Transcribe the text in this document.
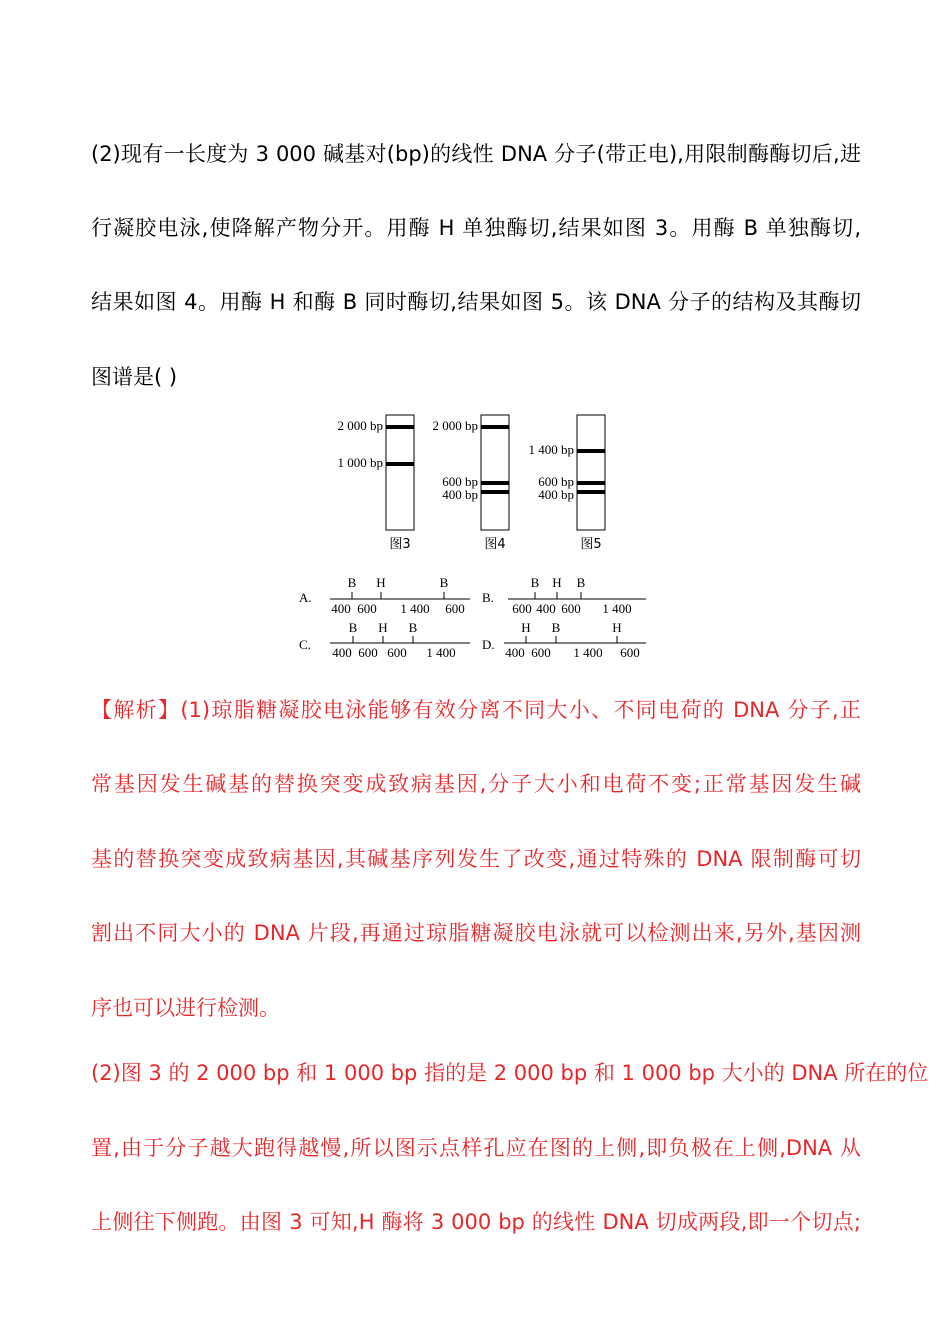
(2)现有一长度为 3 000 碱基对(bp)的线性 DNA 分子(带正电),用限制酶酶切后,进
行凝胶电泳,使降解产物分开。用酶 H 单独酶切,结果如图 3。用酶 B 单独酶切,
结果如图 4。用酶 H 和酶 B 同时酶切,结果如图 5。该 DNA 分子的结构及其酶切
图谱是( )
2 000 bp
1 000 bp
图3
2 000 bp
600 bp
400 bp
图4
1 400 bp
600 bp
400 bp
图5
A.
B H	B
400 600 1 400 600
B.
B H B
600 400 600 1 400
C.
B H B
400 600 600 1 400
D.
H B	H
400 600 1 400 600
【解析】(1)琼脂糖凝胶电泳能够有效分离不同大小、不同电荷的 DNA 分子,正
常基因发生碱基的替换突变成致病基因,分子大小和电荷不变;正常基因发生碱
基的替换突变成致病基因,其碱基序列发生了改变,通过特殊的 DNA 限制酶可切
割出不同大小的 DNA 片段,再通过琼脂糖凝胶电泳就可以检测出来,另外,基因测
序也可以进行检测。
(2)图 3 的 2 000 bp 和 1 000 bp 指的是 2 000 bp 和 1 000 bp 大小的 DNA 所在的位
置,由于分子越大跑得越慢,所以图示点样孔应在图的上侧,即负极在上侧,DNA 从
上侧往下侧跑。由图 3 可知,H 酶将 3 000 bp 的线性 DNA 切成两段,即一个切点;
